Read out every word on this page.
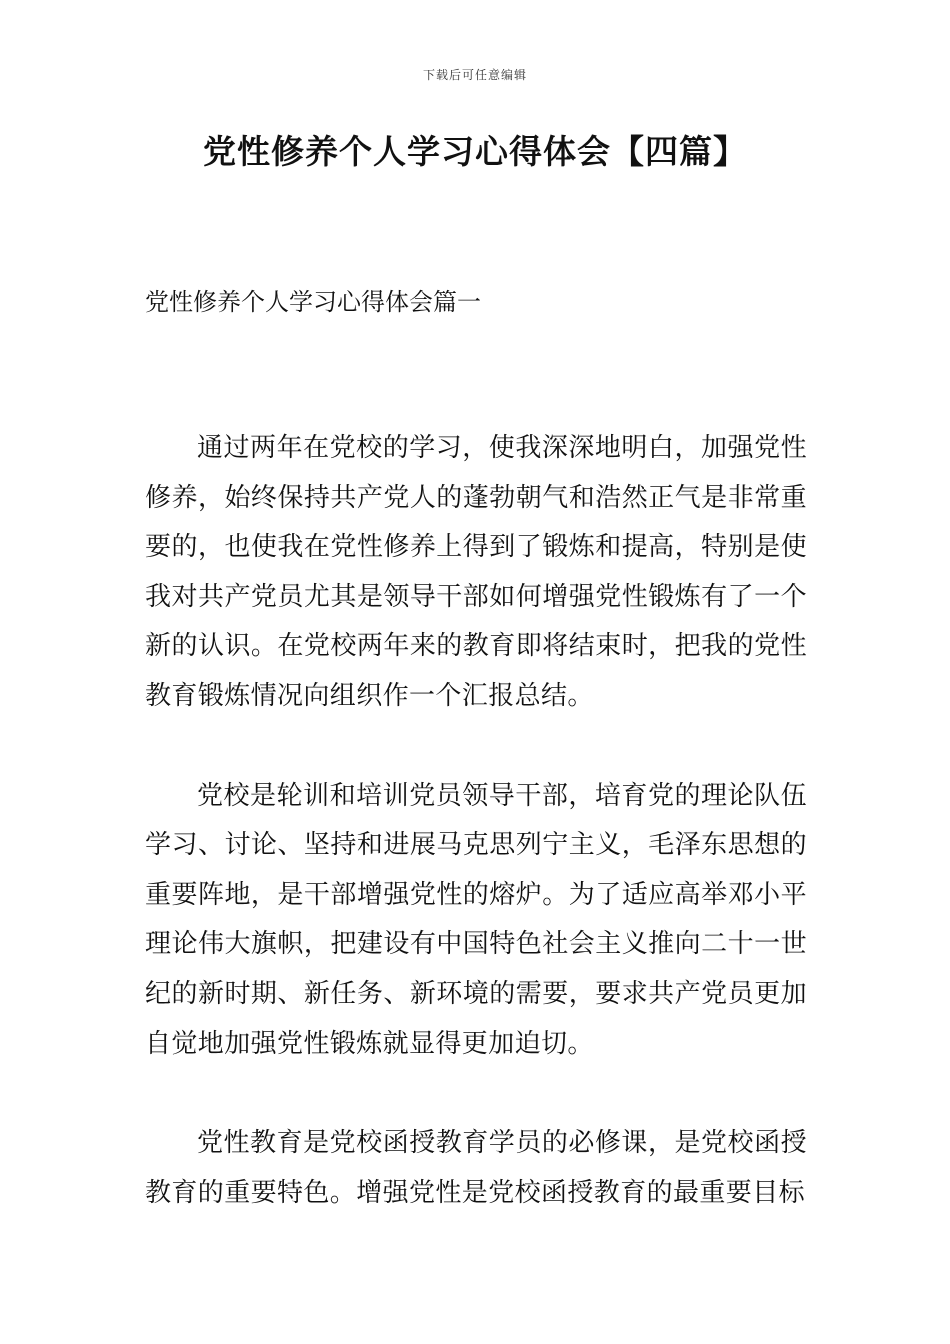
下载后可任意编辑
党性修养个人学习心得体会【四篇】
党性修养个人学习心得体会篇一

通过两年在党校的学习，使我深深地明白，加强党性修养，始终保持共产党人的蓬勃朝气和浩然正气是非常重要的，也使我在党性修养上得到了锻炼和提高，特别是使我对共产党员尤其是领导干部如何增强党性锻炼有了一个新的认识。在党校两年来的教育即将结束时，把我的党性教育锻炼情况向组织作一个汇报总结。

党校是轮训和培训党员领导干部，培育党的理论队伍学习、讨论、坚持和进展马克思列宁主义，毛泽东思想的重要阵地，是干部增强党性的熔炉。为了适应高举邓小平理论伟大旗帜，把建设有中国特色社会主义推向二十一世纪的新时期、新任务、新环境的需要，要求共产党员更加自觉地加强党性锻炼就显得更加迫切。

党性教育是党校函授教育学员的必修课，是党校函授教育的重要特色。增强党性是党校函授教育的最重要目标
